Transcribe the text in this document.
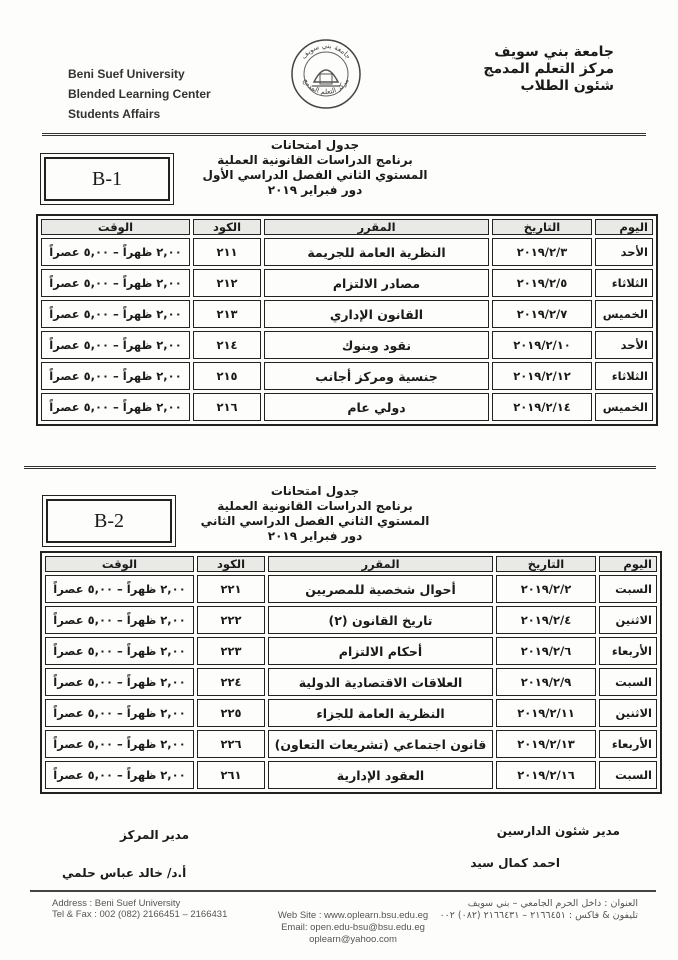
Beni Suef University
Blended Learning Center
Students Affairs
جامعة بني سويف
مركز التعلم المدمج
شئون الطلاب
جامعة بني سويف
مركز التعلم المدمج
B-1
جدول امتحانات
برنامج الدراسات القانونية العملية
المستوي الثاني الفصل الدراسي الأول
دور فبراير ٢٠١٩
اليوم	التاريخ	المقرر	الكود	الوقت
الأحد	٢٠١٩/٢/٣	النظرية العامة للجريمة	٢١١	٢,٠٠ ظهراً – ٥,٠٠ عصراً
الثلاثاء	٢٠١٩/٢/٥	مصادر الالتزام	٢١٢	٢,٠٠ ظهراً – ٥,٠٠ عصراً
الخميس	٢٠١٩/٢/٧	القانون الإداري	٢١٣	٢,٠٠ ظهراً – ٥,٠٠ عصراً
الأحد	٢٠١٩/٢/١٠	نقود وبنوك	٢١٤	٢,٠٠ ظهراً – ٥,٠٠ عصراً
الثلاثاء	٢٠١٩/٢/١٢	جنسية ومركز أجانب	٢١٥	٢,٠٠ ظهراً – ٥,٠٠ عصراً
الخميس	٢٠١٩/٢/١٤	دولي عام	٢١٦	٢,٠٠ ظهراً – ٥,٠٠ عصراً
B-2
جدول امتحانات
برنامج الدراسات القانونية العملية
المستوي الثاني الفصل الدراسي الثاني
دور فبراير ٢٠١٩
اليوم	التاريخ	المقرر	الكود	الوقت
السبت	٢٠١٩/٢/٢	أحوال شخصية للمصريين	٢٢١	٢,٠٠ ظهراً – ٥,٠٠ عصراً
الاثنين	٢٠١٩/٢/٤	تاريخ القانون (٢)	٢٢٢	٢,٠٠ ظهراً – ٥,٠٠ عصراً
الأربعاء	٢٠١٩/٢/٦	أحكام الالتزام	٢٢٣	٢,٠٠ ظهراً – ٥,٠٠ عصراً
السبت	٢٠١٩/٢/٩	العلاقات الاقتصادية الدولية	٢٢٤	٢,٠٠ ظهراً – ٥,٠٠ عصراً
الاثنين	٢٠١٩/٢/١١	النظرية العامة للجزاء	٢٢٥	٢,٠٠ ظهراً – ٥,٠٠ عصراً
الأربعاء	٢٠١٩/٢/١٣	قانون اجتماعي (تشريعات التعاون)	٢٢٦	٢,٠٠ ظهراً – ٥,٠٠ عصراً
السبت	٢٠١٩/٢/١٦	العقود الإدارية	٢٦١	٢,٠٠ ظهراً – ٥,٠٠ عصراً
مدير شئون الدارسين
احمد كمال سيد
مدير المركز
أ.د/ خالد عباس حلمي
Address : Beni Suef University
Tel & Fax : 002 (082) 2166451 – 2166431	Web Site : www.oplearn.bsu.edu.eg
Email: open.edu-bsu@bsu.edu.eg
oplearn@yahoo.com
العنوان : داخل الحرم الجامعي – بني سويف
تليفون & فاكس : ٢١٦٦٤٥١ – ٢١٦٦٤٣١ (٠٨٢) ٠٠٢
